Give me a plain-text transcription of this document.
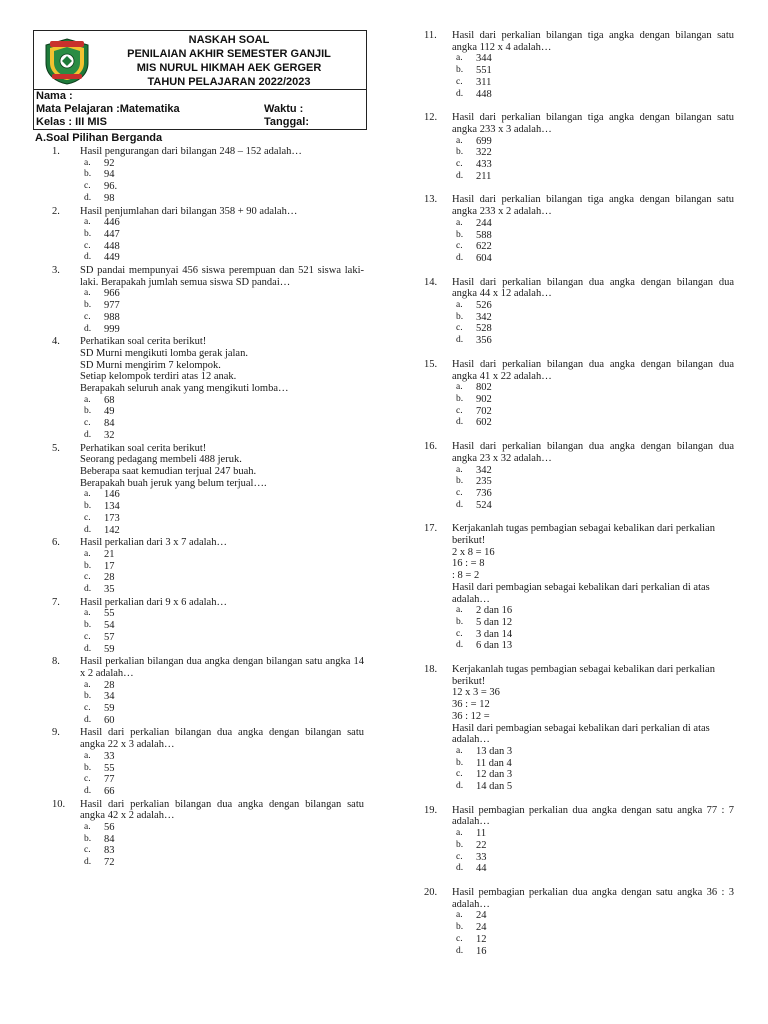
NASKAH SOAL
PENILAIAN AKHIR SEMESTER GANJIL
MIS NURUL HIKMAH AEK GERGER
TAHUN PELAJARAN 2022/2023
Nama :
Mata Pelajaran :Matematika	Waktu :
Kelas : III MIS	Tanggal:
A.Soal Pilihan Berganda
1. Hasil pengurangan dari bilangan 248 – 152 adalah…
a. 92
b. 94
c. 96.
d. 98
2. Hasil penjumlahan dari bilangan 358 + 90 adalah…
a. 446
b. 447
c. 448
d. 449
3. SD pandai mempunyai 456 siswa perempuan dan 521 siswa laki-laki. Berapakah jumlah semua siswa SD pandai…
a. 966
b. 977
c. 988
d. 999
4. Perhatikan soal cerita berikut!
SD Murni mengikuti lomba gerak jalan.
SD Murni mengirim 7 kelompok.
Setiap kelompok terdiri atas 12 anak.
Berapakah seluruh anak yang mengikuti lomba…
a. 68
b. 49
c. 84
d. 32
5. Perhatikan soal cerita berikut!
Seorang pedagang membeli 488 jeruk.
Beberapa saat kemudian terjual 247 buah.
Berapakah buah jeruk yang belum terjual….
a. 146
b. 134
c. 173
d. 142
6. Hasil perkalian dari 3 x 7 adalah…
a. 21
b. 17
c. 28
d. 35
7. Hasil perkalian dari 9 x 6 adalah…
a. 55
b. 54
c. 57
d. 59
8. Hasil perkalian bilangan dua angka dengan bilangan satu angka 14 x 2 adalah…
a. 28
b. 34
c. 59
d. 60
9. Hasil dari perkalian bilangan dua angka dengan bilangan satu angka 22 x 3 adalah…
a. 33
b. 55
c. 77
d. 66
10. Hasil dari perkalian bilangan dua angka dengan bilangan satu angka 42 x 2 adalah…
a. 56
b. 84
c. 83
d. 72
11. Hasil dari perkalian bilangan tiga angka dengan bilangan satu angka 112 x 4 adalah…
a. 344
b. 551
c. 311
d. 448
12. Hasil dari perkalian bilangan tiga angka dengan bilangan satu angka 233 x 3 adalah…
a. 699
b. 322
c. 433
d. 211
13. Hasil dari perkalian bilangan tiga angka dengan bilangan satu angka 233 x 2 adalah…
a. 244
b. 588
c. 622
d. 604
14. Hasil dari perkalian bilangan dua angka dengan bilangan dua angka 44 x 12 adalah…
a. 526
b. 342
c. 528
d. 356
15. Hasil dari perkalian bilangan dua angka dengan bilangan dua angka 41 x 22 adalah…
a. 802
b. 902
c. 702
d. 602
16. Hasil dari perkalian bilangan dua angka dengan bilangan dua angka 23 x 32 adalah…
a. 342
b. 235
c. 736
d. 524
17. Kerjakanlah tugas pembagian sebagai kebalikan dari perkalian berikut!
2 x 8 = 16
16 : = 8
: 8 = 2
Hasil dari pembagian sebagai kebalikan dari perkalian di atas adalah…
a. 2 dan 16
b. 5 dan 12
c. 3 dan 14
d. 6 dan 13
18. Kerjakanlah tugas pembagian sebagai kebalikan dari perkalian berikut!
12 x 3 = 36
36 : = 12
36 : 12 =
Hasil dari pembagian sebagai kebalikan dari perkalian di atas adalah…
a. 13 dan 3
b. 11 dan 4
c. 12 dan 3
d. 14 dan 5
19. Hasil pembagian perkalian dua angka dengan satu angka 77 : 7 adalah…
a. 11
b. 22
c. 33
d. 44
20. Hasil pembagian perkalian dua angka dengan satu angka 36 : 3 adalah…
a. 24
b. 24
c. 12
d. 16
